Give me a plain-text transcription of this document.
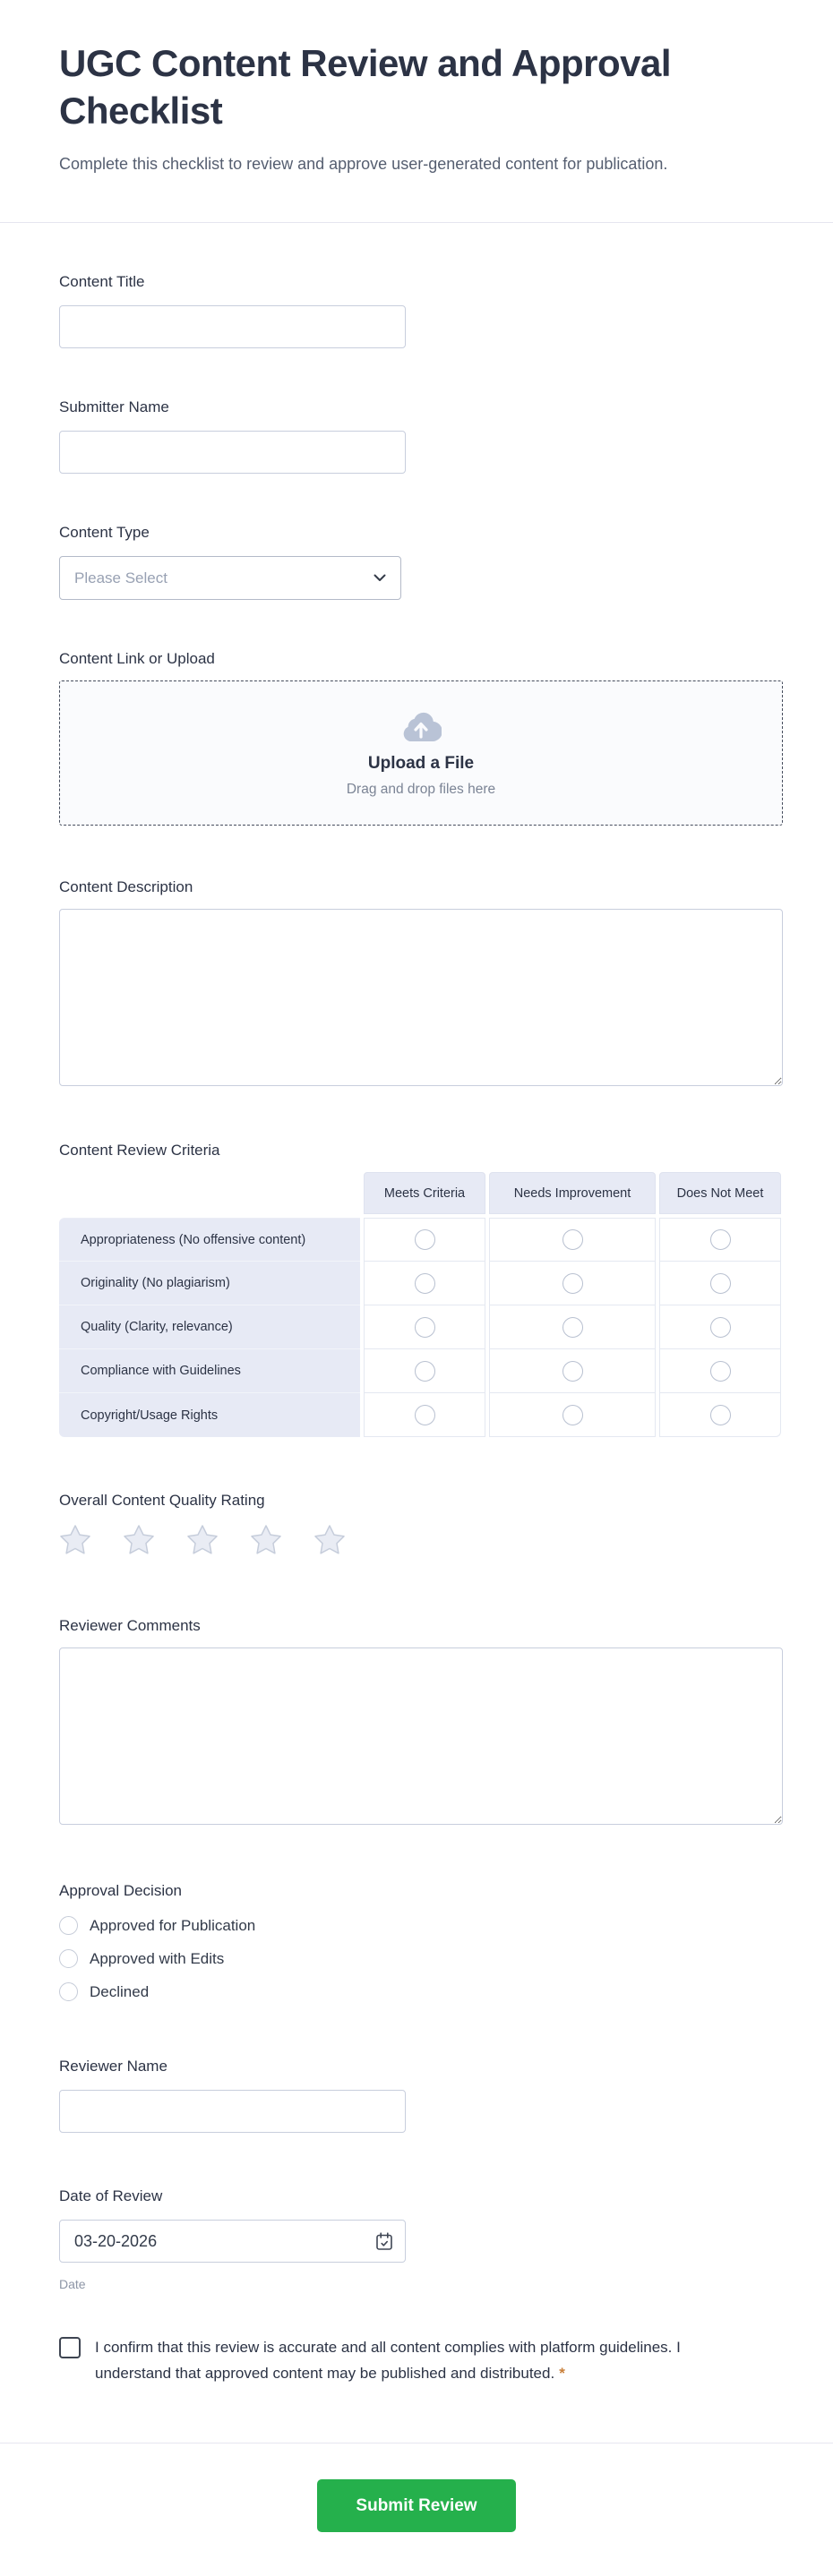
UGC Content Review and Approval Checklist

Complete this checklist to review and approve user-generated content for publication.

Content Title
Submitter Name
Content Type
Please Select
Content Link or Upload
Upload a File
Drag and drop files here
Content Description
Content Review Criteria
Meets Criteria	Needs Improvement	Does Not Meet
Appropriateness (No offensive content)
Originality (No plagiarism)
Quality (Clarity, relevance)
Compliance with Guidelines
Copyright/Usage Rights
Overall Content Quality Rating
Reviewer Comments
Approval Decision
Approved for Publication
Approved with Edits
Declined
Reviewer Name
Date of Review
03-20-2026
Date

I confirm that this review is accurate and all content complies with platform guidelines. I understand that approved content may be published and distributed. *

Submit Review
